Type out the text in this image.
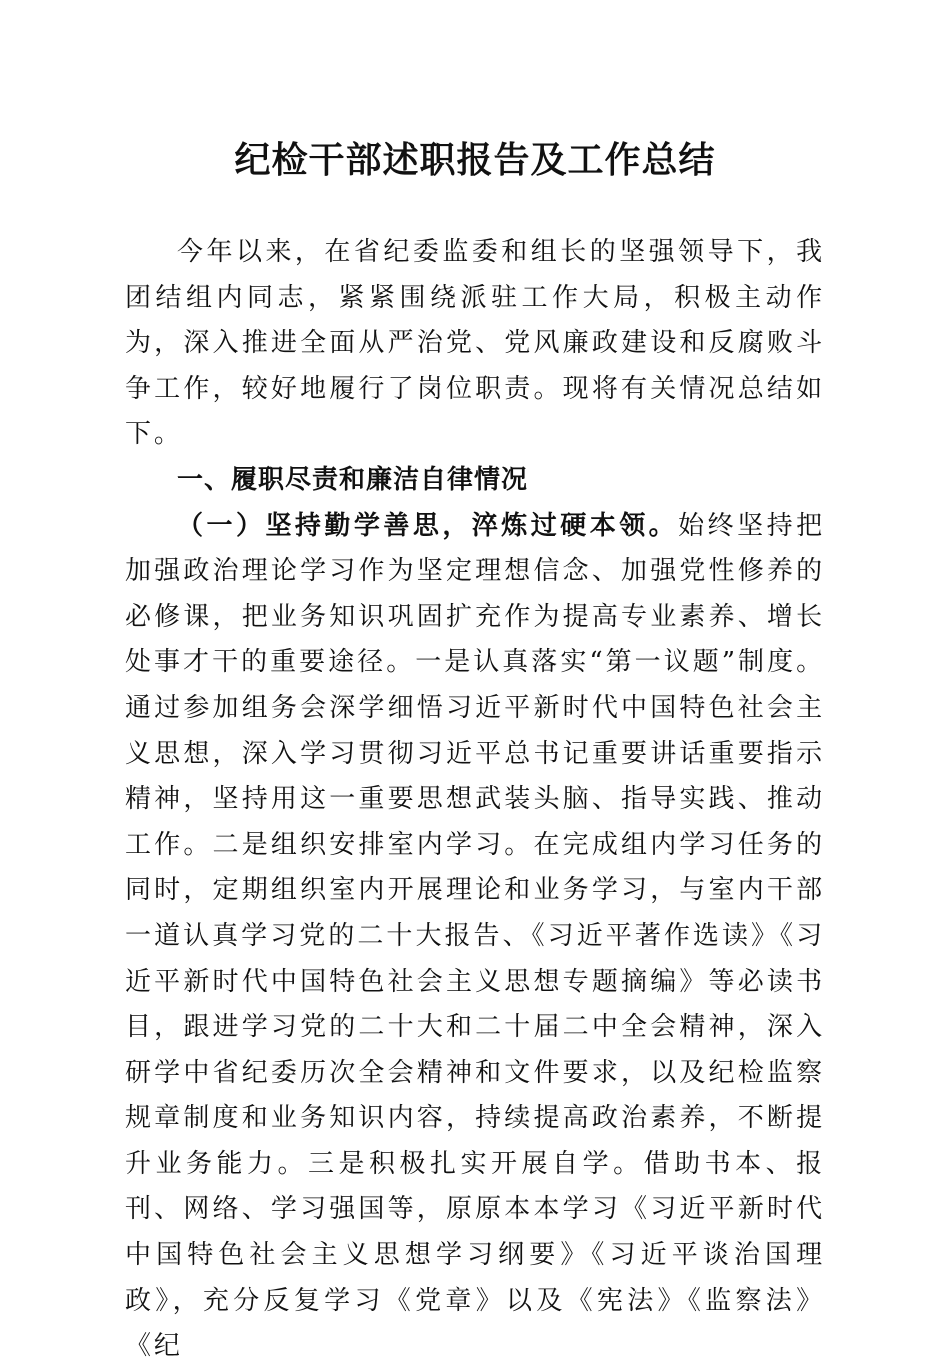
纪检干部述职报告及工作总结

今年以来，在省纪委监委和组长的坚强领导下，我团结组内同志，紧紧围绕派驻工作大局，积极主动作为，深入推进全面从严治党、党风廉政建设和反腐败斗争工作，较好地履行了岗位职责。现将有关情况总结如下。

一、履职尽责和廉洁自律情况

（一）坚持勤学善思，淬炼过硬本领。始终坚持把加强政治理论学习作为坚定理想信念、加强党性修养的必修课，把业务知识巩固扩充作为提高专业素养、增长处事才干的重要途径。一是认真落实“第一议题”制度。通过参加组务会深学细悟习近平新时代中国特色社会主义思想，深入学习贯彻习近平总书记重要讲话重要指示精神，坚持用这一重要思想武装头脑、指导实践、推动工作。二是组织安排室内学习。在完成组内学习任务的同时，定期组织室内开展理论和业务学习，与室内干部一道认真学习党的二十大报告、《习近平著作选读》《习近平新时代中国特色社会主义思想专题摘编》等必读书目，跟进学习党的二十大和二十届二中全会精神，深入研学中省纪委历次全会精神和文件要求，以及纪检监察规章制度和业务知识内容，持续提高政治素养，不断提升业务能力。三是积极扎实开展自学。借助书本、报刊、网络、学习强国等，原原本本学习《习近平新时代中国特色社会主义思想学习纲要》《习近平谈治国理政》，充分反复学习《党章》以及《宪法》《监察法》《纪
